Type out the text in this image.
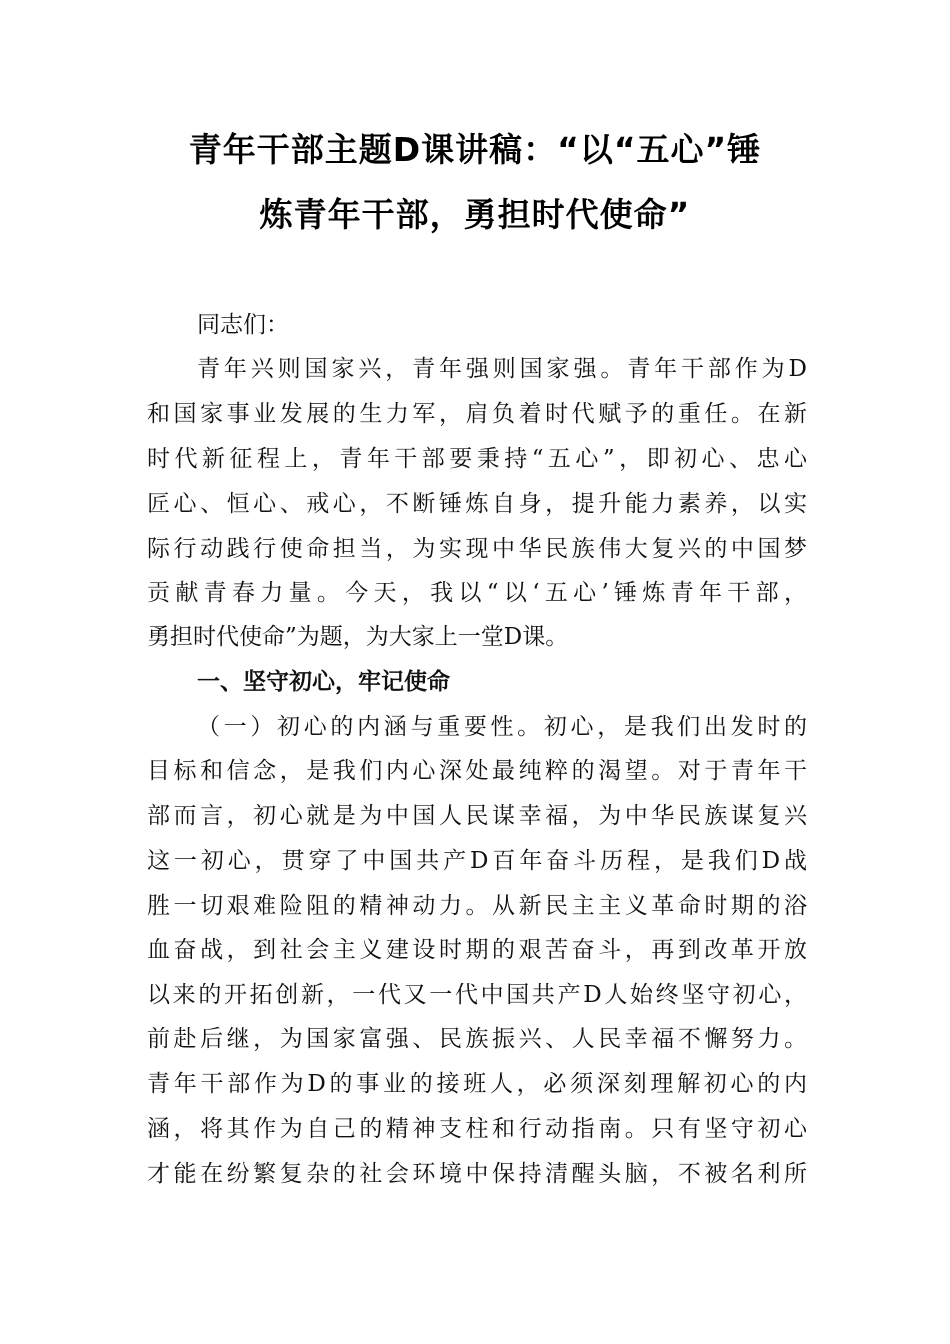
青年干部主题D课讲稿：“以“五心”锤
炼青年干部，勇担时代使命”
同志们：
青年兴则国家兴，青年强则国家强。青年干部作为D
和国家事业发展的生力军，肩负着时代赋予的重任。在新
时代新征程上，青年干部要秉持“五心”，即初心、忠心
匠心、恒心、戒心，不断锤炼自身，提升能力素养，以实
际行动践行使命担当，为实现中华民族伟大复兴的中国梦
贡献青春力量。今天，我以“以‘五心’锤炼青年干部，
勇担时代使命”为题，为大家上一堂D课。
一、坚守初心，牢记使命
（一）初心的内涵与重要性。初心，是我们出发时的
目标和信念，是我们内心深处最纯粹的渴望。对于青年干
部而言，初心就是为中国人民谋幸福，为中华民族谋复兴
这一初心，贯穿了中国共产D百年奋斗历程，是我们D战
胜一切艰难险阻的精神动力。从新民主主义革命时期的浴
血奋战，到社会主义建设时期的艰苦奋斗，再到改革开放
以来的开拓创新，一代又一代中国共产D人始终坚守初心，
前赴后继，为国家富强、民族振兴、人民幸福不懈努力。
青年干部作为D的事业的接班人，必须深刻理解初心的内
涵，将其作为自己的精神支柱和行动指南。只有坚守初心
才能在纷繁复杂的社会环境中保持清醒头脑，不被名利所
